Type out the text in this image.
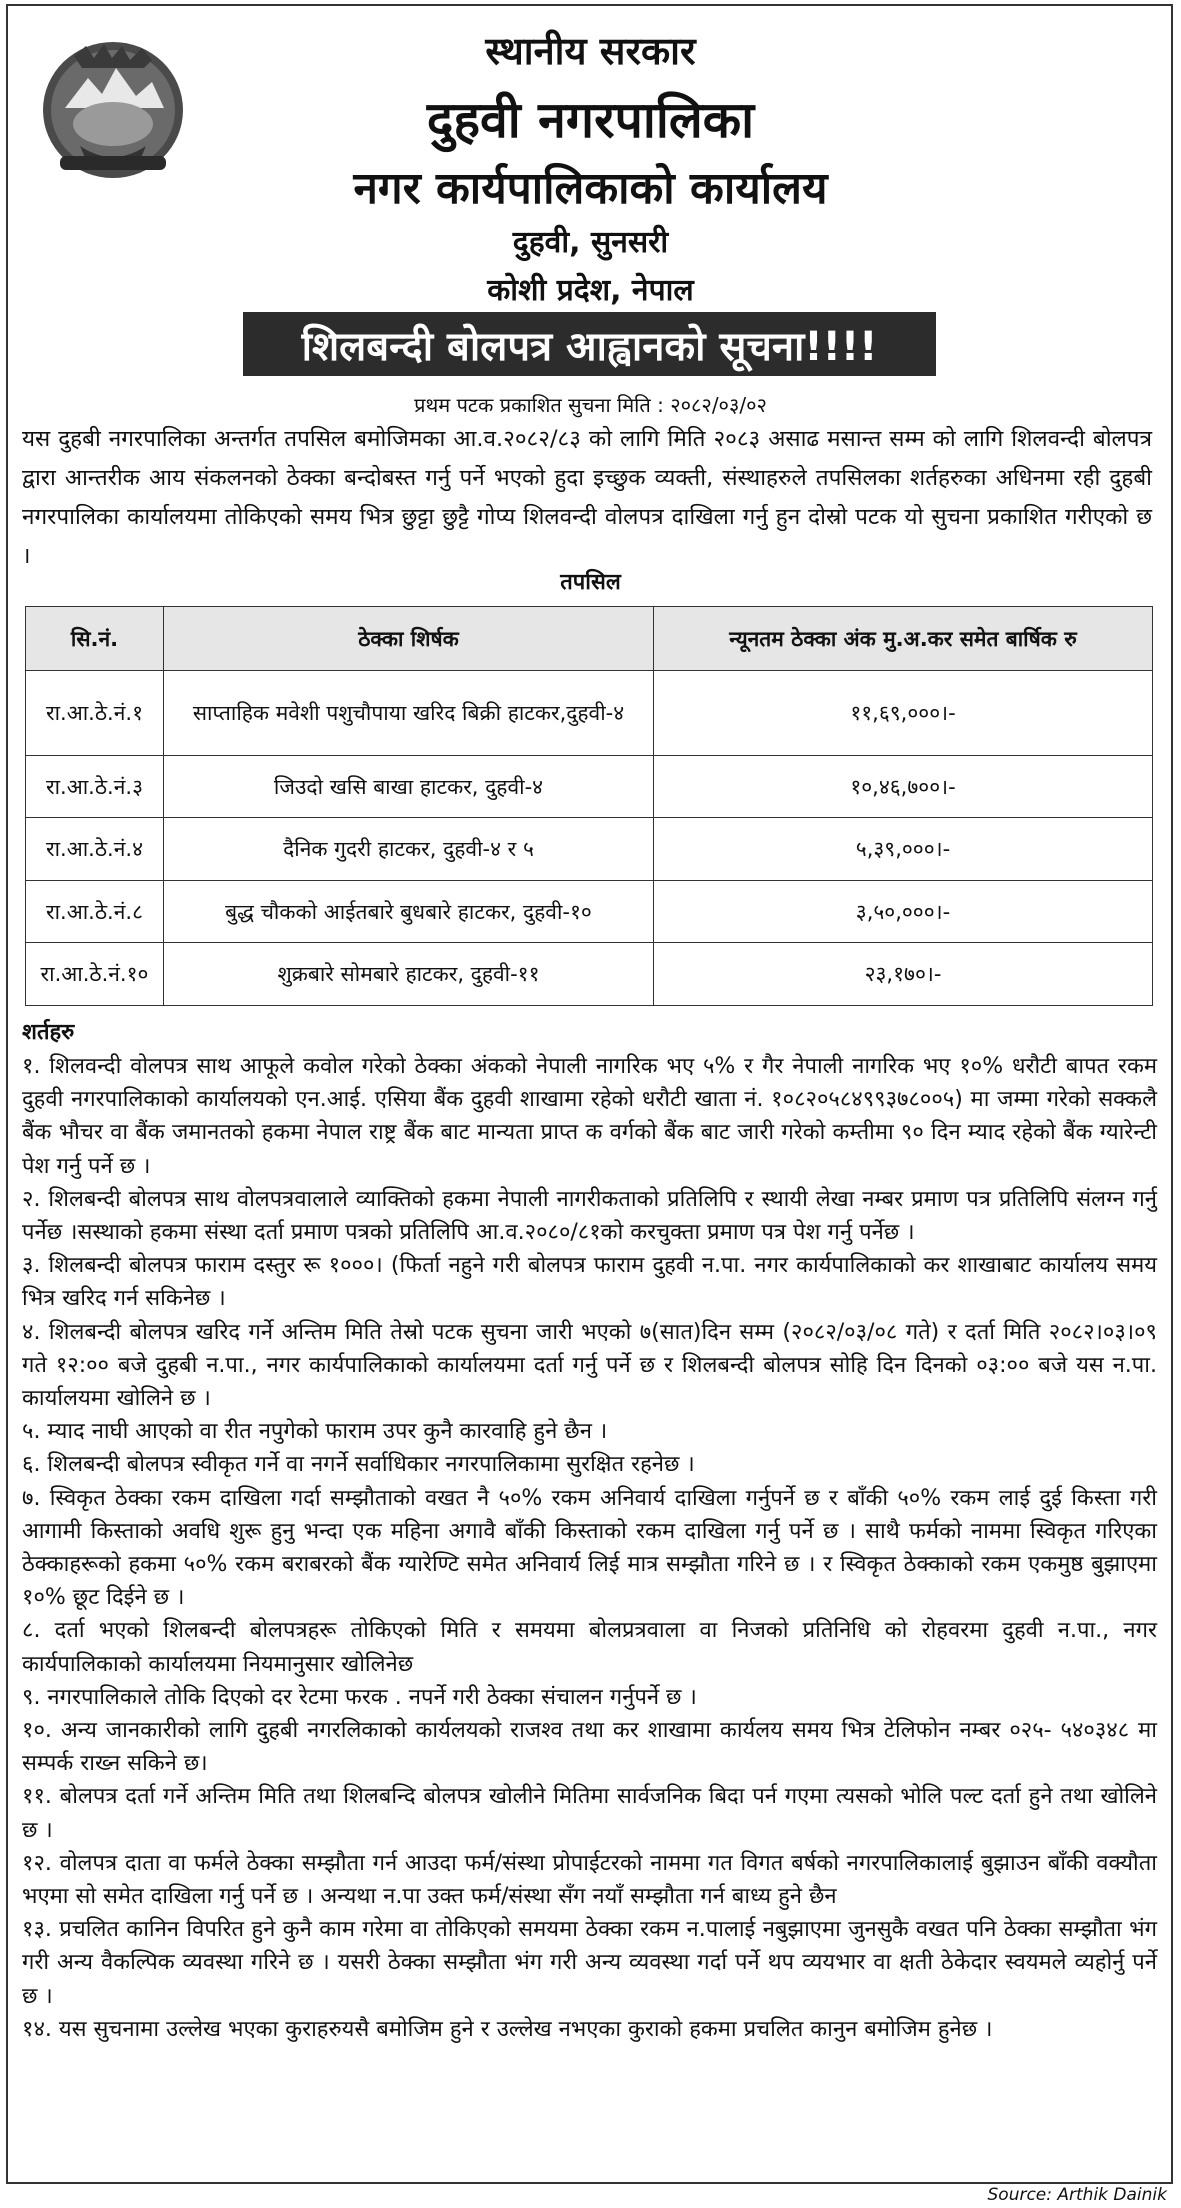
स्थानीय सरकार
दुहवी नगरपालिका
नगर कार्यपालिकाको कार्यालय
दुहवी, सुनसरी
कोशी प्रदेश, नेपाल
शिलबन्दी बोलपत्र आह्वानको सूचना!!!!
प्रथम पटक प्रकाशित सुचना मिति : २०८२/०३/०२
यस दुहबी नगरपालिका अन्तर्गत तपसिल बमोजिमका आ.व.२०८२/८३ को लागि मिति २०८३ असाढ मसान्त सम्म को लागि शिलवन्दी बोलपत्र द्वारा आन्तरीक आय संकलनको ठेक्का बन्दोबस्त गर्नु पर्ने भएको हुदा इच्छुक व्यक्ती, संस्थाहरुले तपसिलका शर्तहरुका अधिनमा रही दुहबी नगरपालिका कार्यालयमा तोकिएको समय भित्र छुट्टा छुट्टै गोप्य शिलवन्दी वोलपत्र दाखिला गर्नु हुन दोस्रो पटक यो सुचना प्रकाशित गरीएको छ ।
तपसिल
सि.नं.	ठेक्का शिर्षक	न्यूनतम ठेक्का अंक मु.अ.कर समेत बार्षिक रु
रा.आ.ठे.नं.१	साप्ताहिक मवेशी पशुचौपाया खरिद बिक्री हाटकर,दुहवी-४	११,६९,०००।-
रा.आ.ठे.नं.३	जिउदो खसि बाखा हाटकर, दुहवी-४	१०,४६,७००।-
रा.आ.ठे.नं.४	दैनिक गुदरी हाटकर, दुहवी-४ र ५	५,३९,०००।-
रा.आ.ठे.नं.८	बुद्ध चौकको आईतबारे बुधबारे हाटकर, दुहवी-१०	३,५०,०००।-
रा.आ.ठे.नं.१०	शुक्रबारे सोमबारे हाटकर, दुहवी-११	२३,१७०।-
शर्तहरु
१. शिलवन्दी वोलपत्र साथ आफूले कवोल गरेको ठेक्का अंकको नेपाली नागरिक भए ५% र गैर नेपाली नागरिक भए १०% धरौटी बापत रकम दुहवी नगरपालिकाको कार्यालयको एन.आई. एसिया बैंक दुहवी शाखामा रहेको धरौटी खाता नं. १०८२०५८४९९३७८००५) मा जम्मा गरेको सक्कलै बैंक भौचर वा बैंक जमानतको हकमा नेपाल राष्ट्र बैंक बाट मान्यता प्राप्त क वर्गको बैंक बाट जारी गरेको कम्तीमा ९० दिन म्याद रहेको बैंक ग्यारेन्टी पेश गर्नु पर्ने छ ।
२. शिलबन्दी बोलपत्र साथ वोलपत्रवालाले व्याक्तिको हकमा नेपाली नागरीकताको प्रतिलिपि र स्थायी लेखा नम्बर प्रमाण पत्र प्रतिलिपि संलग्न गर्नु पर्नेछ ।सस्थाको हकमा संस्था दर्ता प्रमाण पत्रको प्रतिलिपि आ.व.२०८०/८१को करचुक्ता प्रमाण पत्र पेश गर्नु पर्नेछ ।
३. शिलबन्दी बोलपत्र फाराम दस्तुर रू १०००। (फिर्ता नहुने गरी बोलपत्र फाराम दुहवी न.पा. नगर कार्यपालिकाको कर शाखाबाट कार्यालय समय भित्र खरिद गर्न सकिनेछ ।
४. शिलबन्दी बोलपत्र खरिद गर्ने अन्तिम मिति तेस्रो पटक सुचना जारी भएको ७(सात)दिन सम्म (२०८२/०३/०८ गते) र दर्ता मिति २०८२।०३।०९ गते १२:०० बजे दुहबी न.पा., नगर कार्यपालिकाको कार्यालयमा दर्ता गर्नु पर्ने छ र शिलबन्दी बोलपत्र सोहि दिन दिनको ०३:०० बजे यस न.पा. कार्यालयमा खोलिने छ ।
५. म्याद नाघी आएको वा रीत नपुगेको फाराम उपर कुनै कारवाहि हुने छैन ।
६. शिलबन्दी बोलपत्र स्वीकृत गर्ने वा नगर्ने सर्वाधिकार नगरपालिकामा सुरक्षित रहनेछ ।
७. स्विकृत ठेक्का रकम दाखिला गर्दा सम्झौताको वखत नै ५०% रकम अनिवार्य दाखिला गर्नुपर्ने छ र बाँकी ५०% रकम लाई दुई किस्ता गरी आगामी किस्ताको अवधि शुरू हुनु भन्दा एक महिना अगावै बाँकी किस्ताको रकम दाखिला गर्नु पर्ने छ । साथै फर्मको नाममा स्विकृत गरिएका ठेक्काहरूको हकमा ५०% रकम बराबरको बैंक ग्यारेण्टि समेत अनिवार्य लिई मात्र सम्झौता गरिने छ । र स्विकृत ठेक्काको रकम एकमुष्ठ बुझाएमा १०% छूट दिईने छ ।
८. दर्ता भएको शिलबन्दी बोलपत्रहरू तोकिएको मिति र समयमा बोलप्रत्रवाला वा निजको प्रतिनिधि को रोहवरमा दुहवी न.पा., नगर कार्यपालिकाको कार्यालयमा नियमानुसार खोलिनेछ
९. नगरपालिकाले तोकि दिएको दर रेटमा फरक . नपर्ने गरी ठेक्का संचालन गर्नुपर्ने छ ।
१०. अन्य जानकारीको लागि दुहबी नगरलिकाको कार्यलयको राजश्व तथा कर शाखामा कार्यलय समय भित्र टेलिफोन नम्बर ०२५- ५४०३४८ मा सम्पर्क राख्न सकिने छ।
११. बोलपत्र दर्ता गर्ने अन्तिम मिति तथा शिलबन्दि बोलपत्र खोलीने मितिमा सार्वजनिक बिदा पर्न गएमा त्यसको भोलि पल्ट दर्ता हुने तथा खोलिने छ ।
१२. वोलपत्र दाता वा फर्मले ठेक्का सम्झौता गर्न आउदा फर्म/संस्था प्रोपाईटरको नाममा गत विगत बर्षको नगरपालिकालाई बुझाउन बाँकी वक्यौता भएमा सो समेत दाखिला गर्नु पर्ने छ । अन्यथा न.पा उक्त फर्म/संस्था सँग नयाँ सम्झौता गर्न बाध्य हुने छैन
१३. प्रचलित कानिन विपरित हुने कुनै काम गरेमा वा तोकिएको समयमा ठेक्का रकम न.पालाई नबुझाएमा जुनसुकै वखत पनि ठेक्का सम्झौता भंग गरी अन्य वैकल्पिक व्यवस्था गरिने छ । यसरी ठेक्का सम्झौता भंग गरी अन्य व्यवस्था गर्दा पर्ने थप व्ययभार वा क्षती ठेकेदार स्वयमले व्यहोर्नु पर्ने छ ।
१४. यस सुचनामा उल्लेख भएका कुराहरुयसै बमोजिम हुने र उल्लेख नभएका कुराको हकमा प्रचलित कानुन बमोजिम हुनेछ ।
Source: Arthik Dainik
